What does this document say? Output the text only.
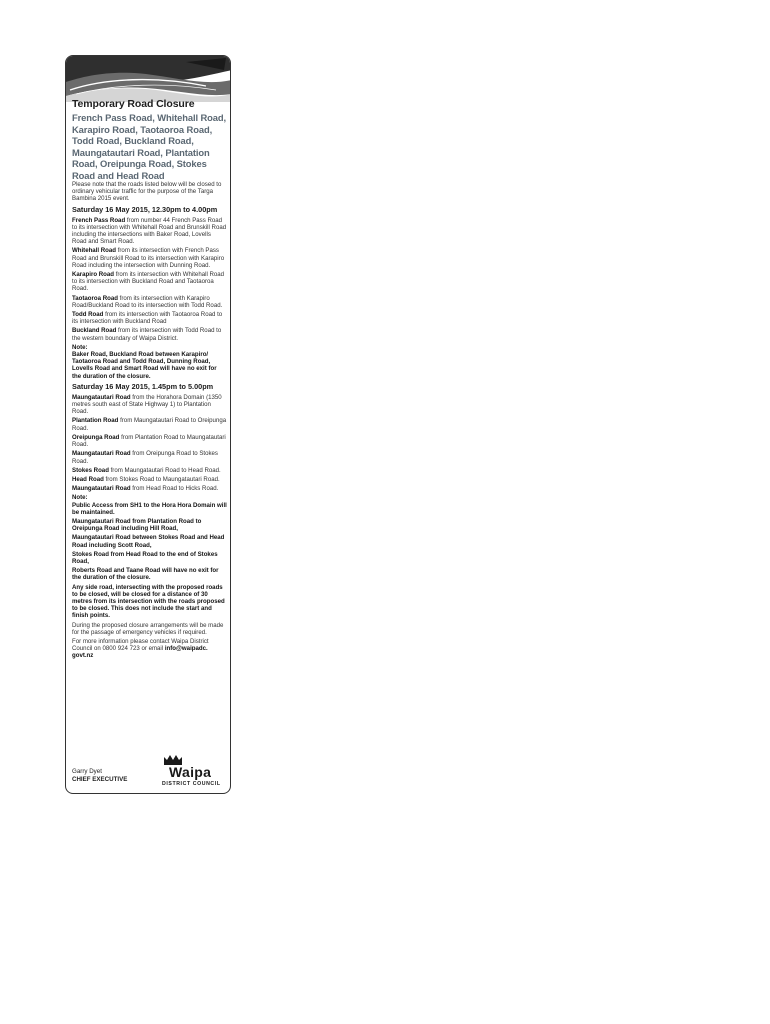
Temporary Road Closure
French Pass Road, Whitehall Road, Karapiro Road, Taotaoroa Road, Todd Road, Buckland Road, Maungatautari Road, Plantation Road, Oreipunga Road, Stokes Road and Head Road

Please note that the roads listed below will be closed to ordinary vehicular traffic for the purpose of the Targa Bambina 2015 event.

Saturday 16 May 2015, 12.30pm to 4.00pm

French Pass Road from number 44 French Pass Road to its intersection with Whitehall Road and Brunskill Road including the intersections with Baker Road, Lovells Road and Smart Road.

Whitehall Road from its intersection with French Pass Road and Brunskill Road to its intersection with Karapiro Road including the intersection with Dunning Road.

Karapiro Road from its intersection with Whitehall Road to its intersection with Buckland Road and Taotaoroa Road.

Taotaoroa Road from its intersection with Karapiro Road/Buckland Road to its intersection with Todd Road.

Todd Road from its intersection with Taotaoroa Road to its intersection with Buckland Road

Buckland Road from its intersection with Todd Road to the western boundary of Waipa District.

Note:
Baker Road, Buckland Road between Karapiro/ Taotaoroa Road and Todd Road, Dunning Road, Lovells Road and Smart Road will have no exit for the duration of the closure.

Saturday 16 May 2015, 1.45pm to 5.00pm

Maungatautari Road from the Horahora Domain (1350 metres south east of State Highway 1) to Plantation Road.

Plantation Road from Maungatautari Road to Oreipunga Road.

Oreipunga Road from Plantation Road to Maungatautari Road.

Maungatautari Road from Oreipunga Road to Stokes Road.

Stokes Road from Maungatautari Road to Head Road.

Head Road from Stokes Road to Maungatautari Road.

Maungatautari Road from Head Road to Hicks Road.

Note:
Public Access from SH1 to the Hora Hora Domain will be maintained.

Maungatautari Road from Plantation Road to Oreipunga Road including Hill Road,

Maungatautari Road between Stokes Road and Head Road including Scott Road,

Stokes Road from Head Road to the end of Stokes Road,

Roberts Road and Taane Road will have no exit for the duration of the closure.

Any side road, intersecting with the proposed roads to be closed, will be closed for a distance of 30 metres from its intersection with the roads proposed to be closed. This does not include the start and finish points.

During the proposed closure arrangements will be made for the passage of emergency vehicles if required.

For more information please contact Waipa District Council on 0800 924 723 or email info@waipadc. govt.nz

Garry Dyet
CHIEF EXECUTIVE	Waipa
DISTRICT COUNCIL
